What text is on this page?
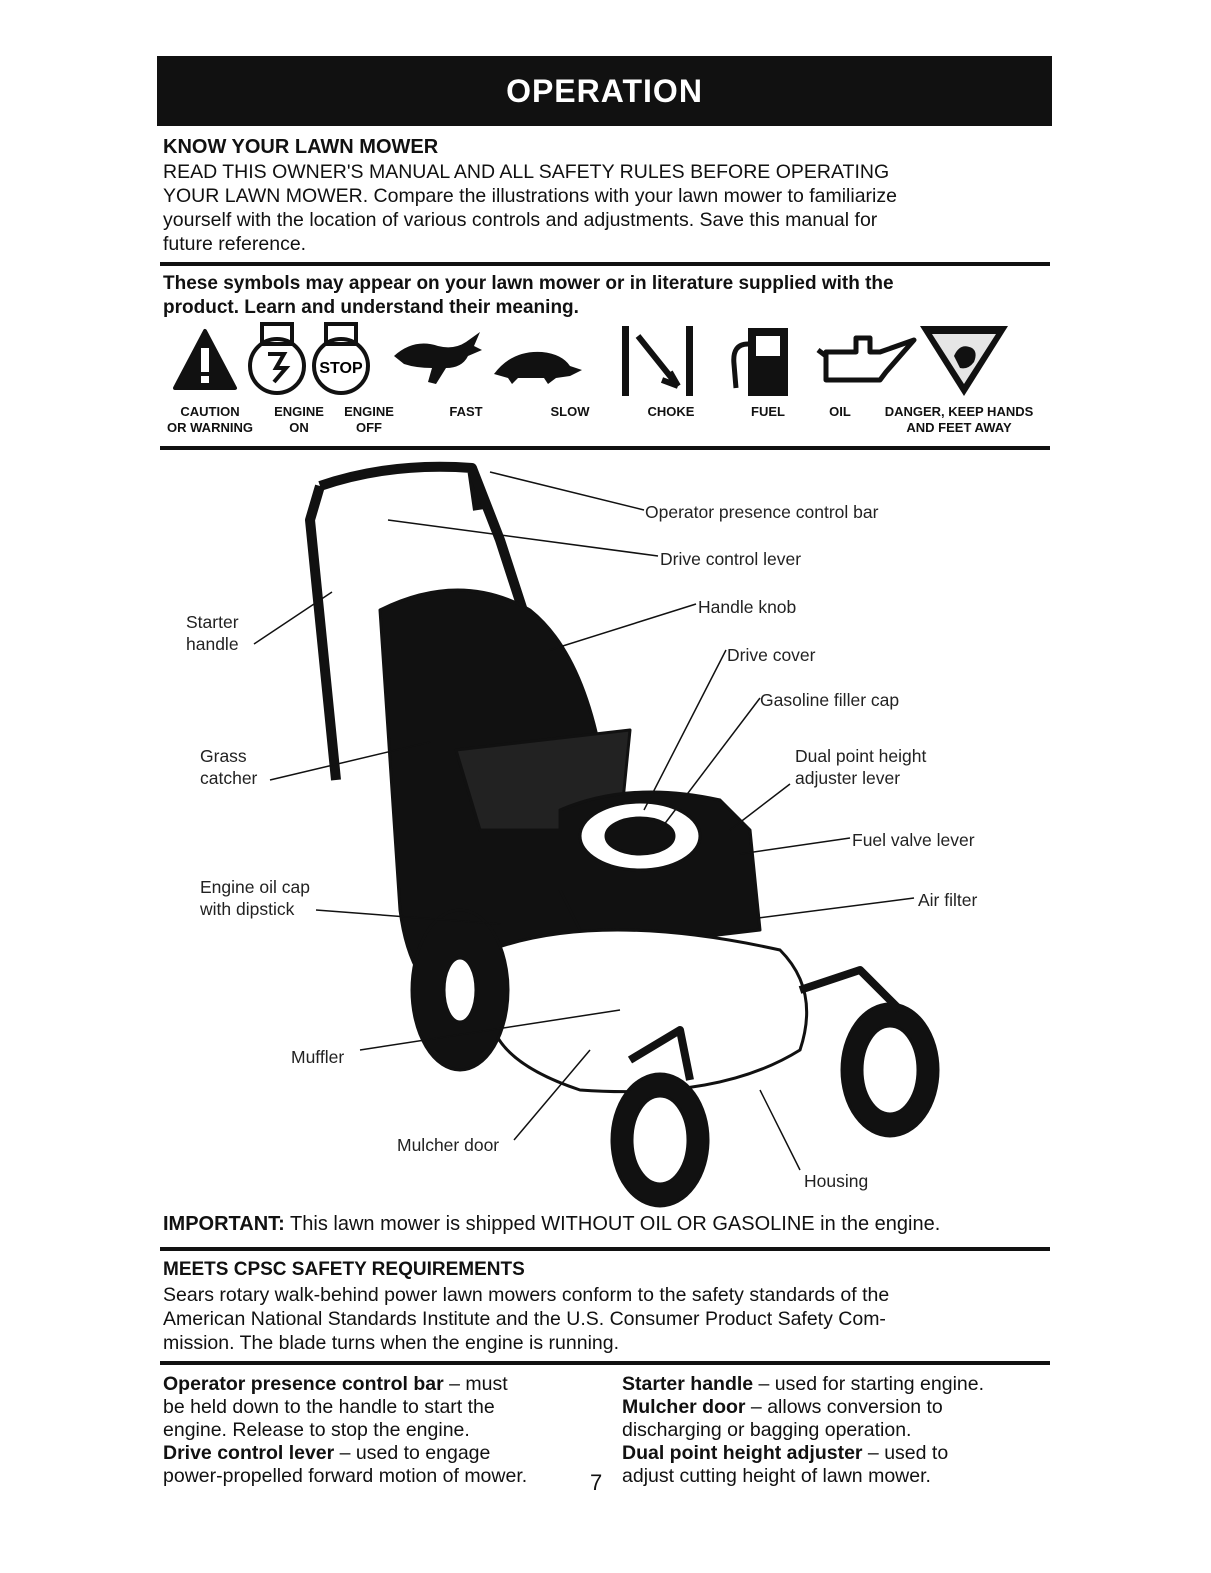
OPERATION
KNOW YOUR LAWN MOWER
READ THIS OWNER'S MANUAL AND ALL SAFETY RULES BEFORE OPERATING
YOUR LAWN MOWER. Compare the illustrations with your lawn mower to familiarize
yourself with the location of various controls and adjustments. Save this manual for
future reference.
These symbols may appear on your lawn mower or in literature supplied with the
product. Learn and understand their meaning.
STOP
CAUTION
OR WARNING
ENGINE
ON
ENGINE
OFF
FAST	SLOW	CHOKE	FUEL	OIL	DANGER, KEEP HANDS
AND FEET AWAY
Operator presence control bar
Drive control lever
Handle knob
Drive cover
Gasoline filler cap
Dual point height
adjuster lever
Fuel valve lever
Air filter
Starter
handle
Grass
catcher
Engine oil cap
with dipstick
Muffler
Mulcher door
Housing
IMPORTANT: This lawn mower is shipped WITHOUT OIL OR GASOLINE in the engine.
MEETS CPSC SAFETY REQUIREMENTS
Sears rotary walk-behind power lawn mowers conform to the safety standards of the
American National Standards Institute and the U.S. Consumer Product Safety Com-
mission. The blade turns when the engine is running.
Operator presence control bar – must
be held down to the handle to start the
engine. Release to stop the engine.
Drive control lever – used to engage
power-propelled forward motion of mower.
Starter handle – used for starting engine.
Mulcher door – allows conversion to
discharging or bagging operation.
Dual point height adjuster – used to
adjust cutting height of lawn mower.
7
